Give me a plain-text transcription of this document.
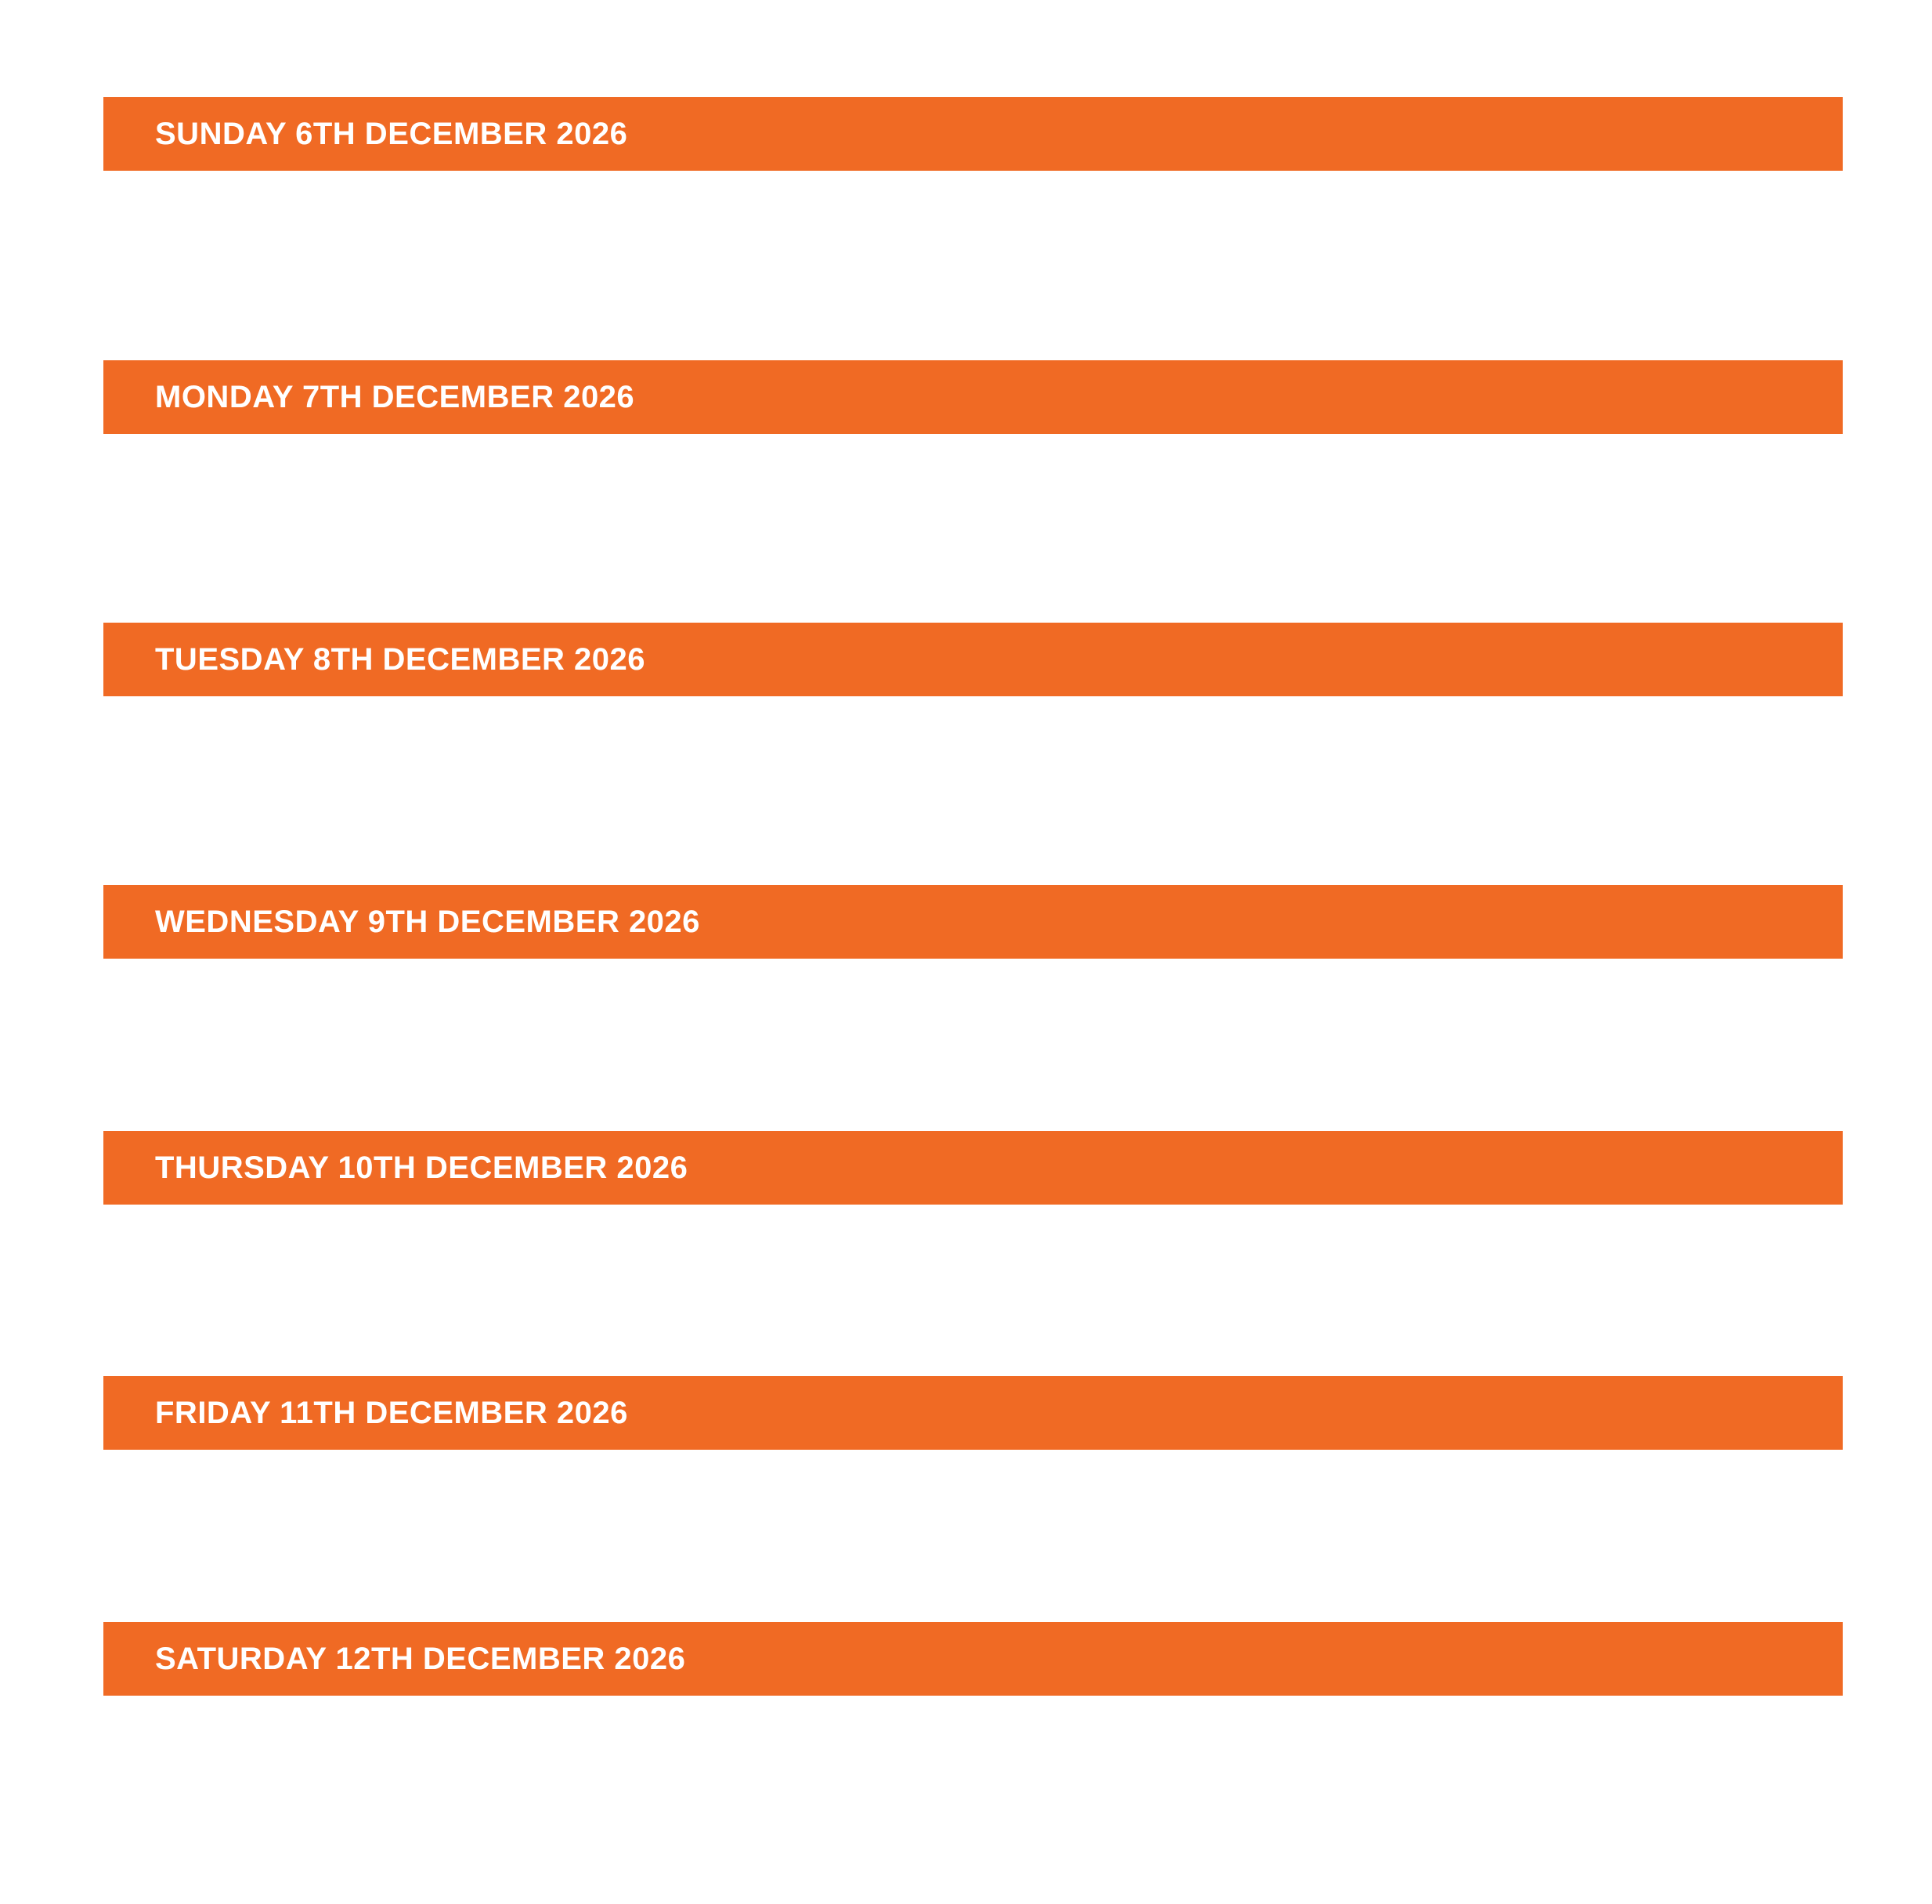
SUNDAY 6TH DECEMBER 2026
MONDAY 7TH DECEMBER 2026
TUESDAY 8TH DECEMBER 2026
WEDNESDAY 9TH DECEMBER 2026
THURSDAY 10TH DECEMBER 2026
FRIDAY 11TH DECEMBER 2026
SATURDAY 12TH DECEMBER 2026
